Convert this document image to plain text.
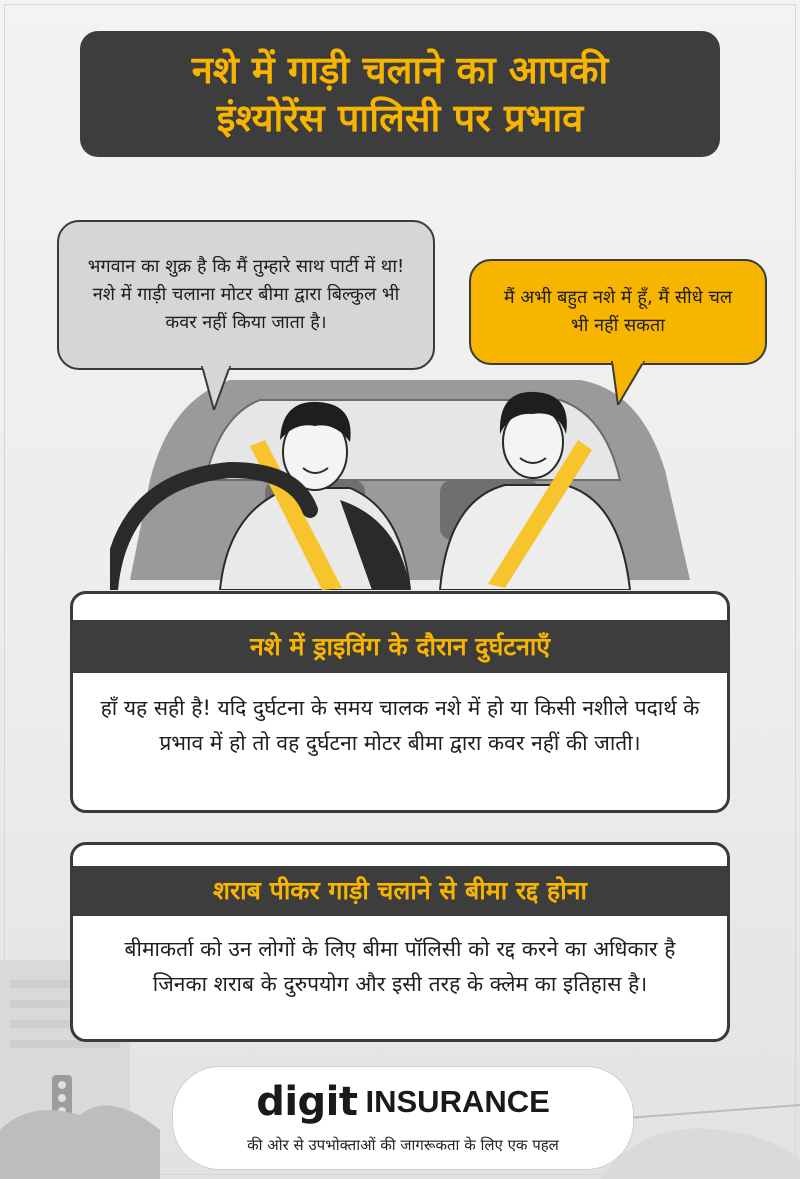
नशे में गाड़ी चलाने का आपकी
इंश्योरेंस पालिसी पर प्रभाव
भगवान का शुक्र है कि मैं तुम्हारे साथ पार्टी में था! नशे में गाड़ी चलाना मोटर बीमा द्वारा बिल्कुल भी कवर नहीं किया जाता है।
मैं अभी बहुत नशे में हूँ, मैं सीधे चल भी नहीं सकता
नशे में ड्राइविंग के दौरान दुर्घटनाएँ
हाँ यह सही है! यदि दुर्घटना के समय चालक नशे में हो या किसी नशीले पदार्थ के प्रभाव में हो तो वह दुर्घटना मोटर बीमा द्वारा कवर नहीं की जाती।
शराब पीकर गाड़ी चलाने से बीमा रद्द होना
बीमाकर्ता को उन लोगों के लिए बीमा पॉलिसी को रद्द करने का अधिकार है जिनका शराब के दुरुपयोग और इसी तरह के क्लेम का इतिहास है।
digit INSURANCE
की ओर से उपभोक्ताओं की जागरूकता के लिए एक पहल
